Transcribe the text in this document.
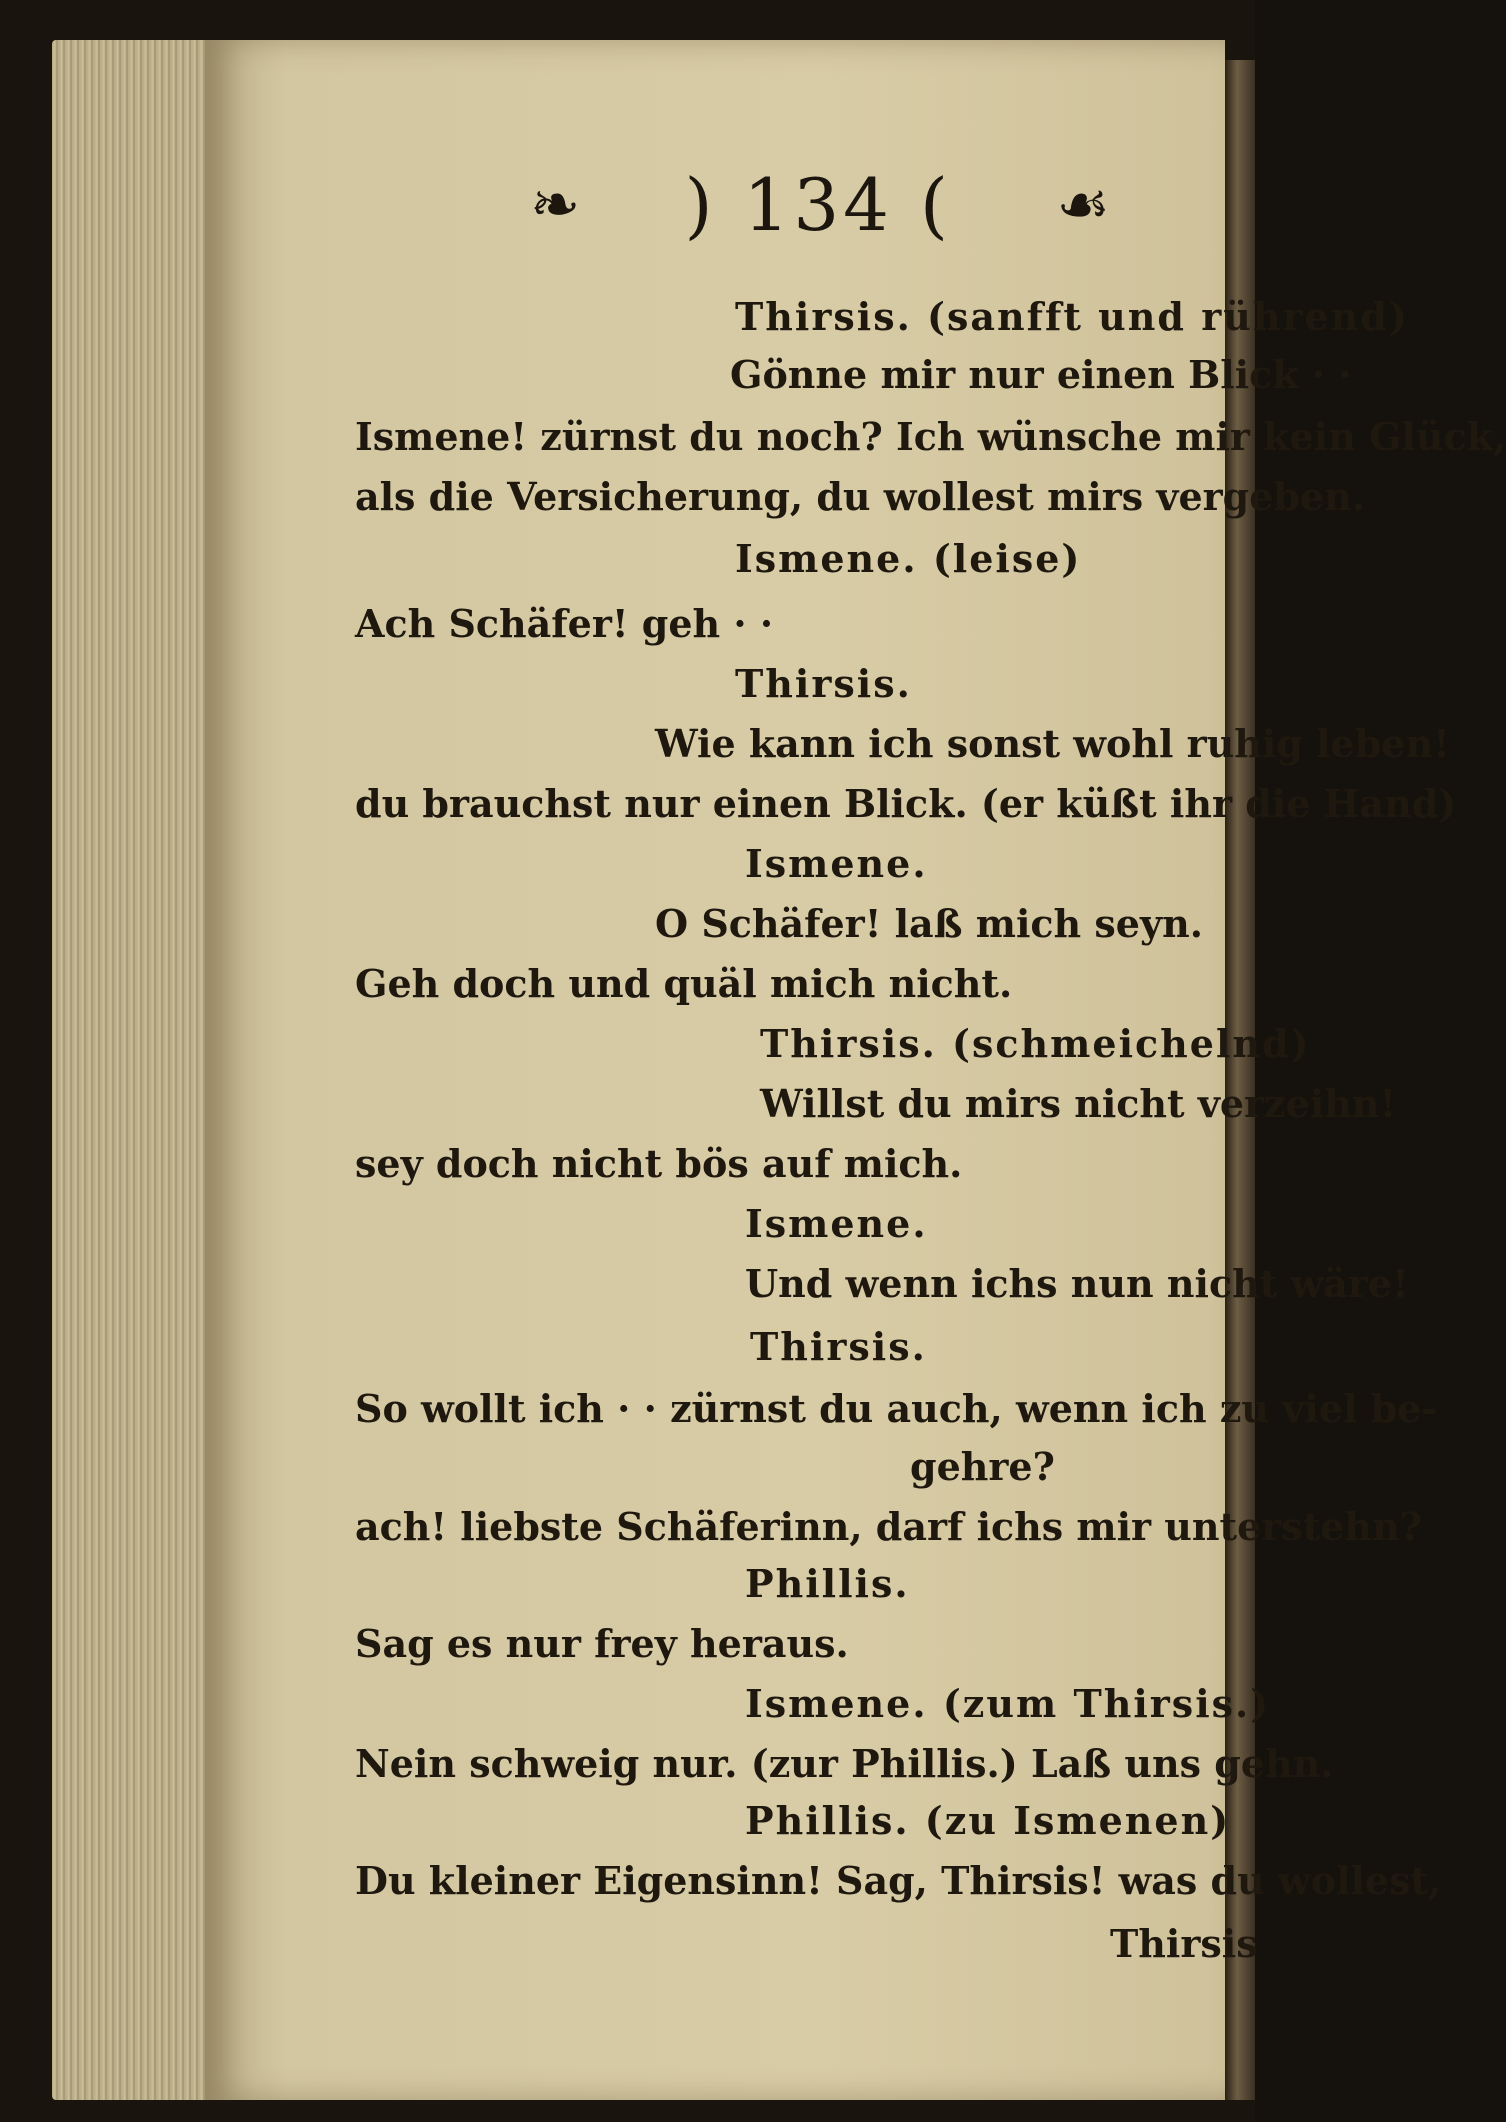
❧ ) 134 ( ☙
Thirsis. (sanfft und rührend)
Gönne mir nur einen Blick · ·
Ismene! zürnst du noch? Ich wünsche mir kein Glück,
als die Versicherung, du wollest mirs vergeben.
Ismene. (leise)
Ach Schäfer! geh · ·
Thirsis.
Wie kann ich sonst wohl ruhig leben!
du brauchst nur einen Blick. (er küßt ihr die Hand)
Ismene.
O Schäfer! laß mich seyn.
Geh doch und quäl mich nicht.
Thirsis. (schmeichelnd)
Willst du mirs nicht verzeihn!
sey doch nicht bös auf mich.
Ismene.
Und wenn ichs nun nicht wäre!
Thirsis.
So wollt ich · · zürnst du auch, wenn ich zu viel be-
gehre?
ach! liebste Schäferinn, darf ichs mir unterstehn?
Phillis.
Sag es nur frey heraus.
Ismene. (zum Thirsis.)
Nein schweig nur. (zur Phillis.) Laß uns gehn.
Phillis. (zu Ismenen)
Du kleiner Eigensinn! Sag, Thirsis! was du wollest,
Thirsis
